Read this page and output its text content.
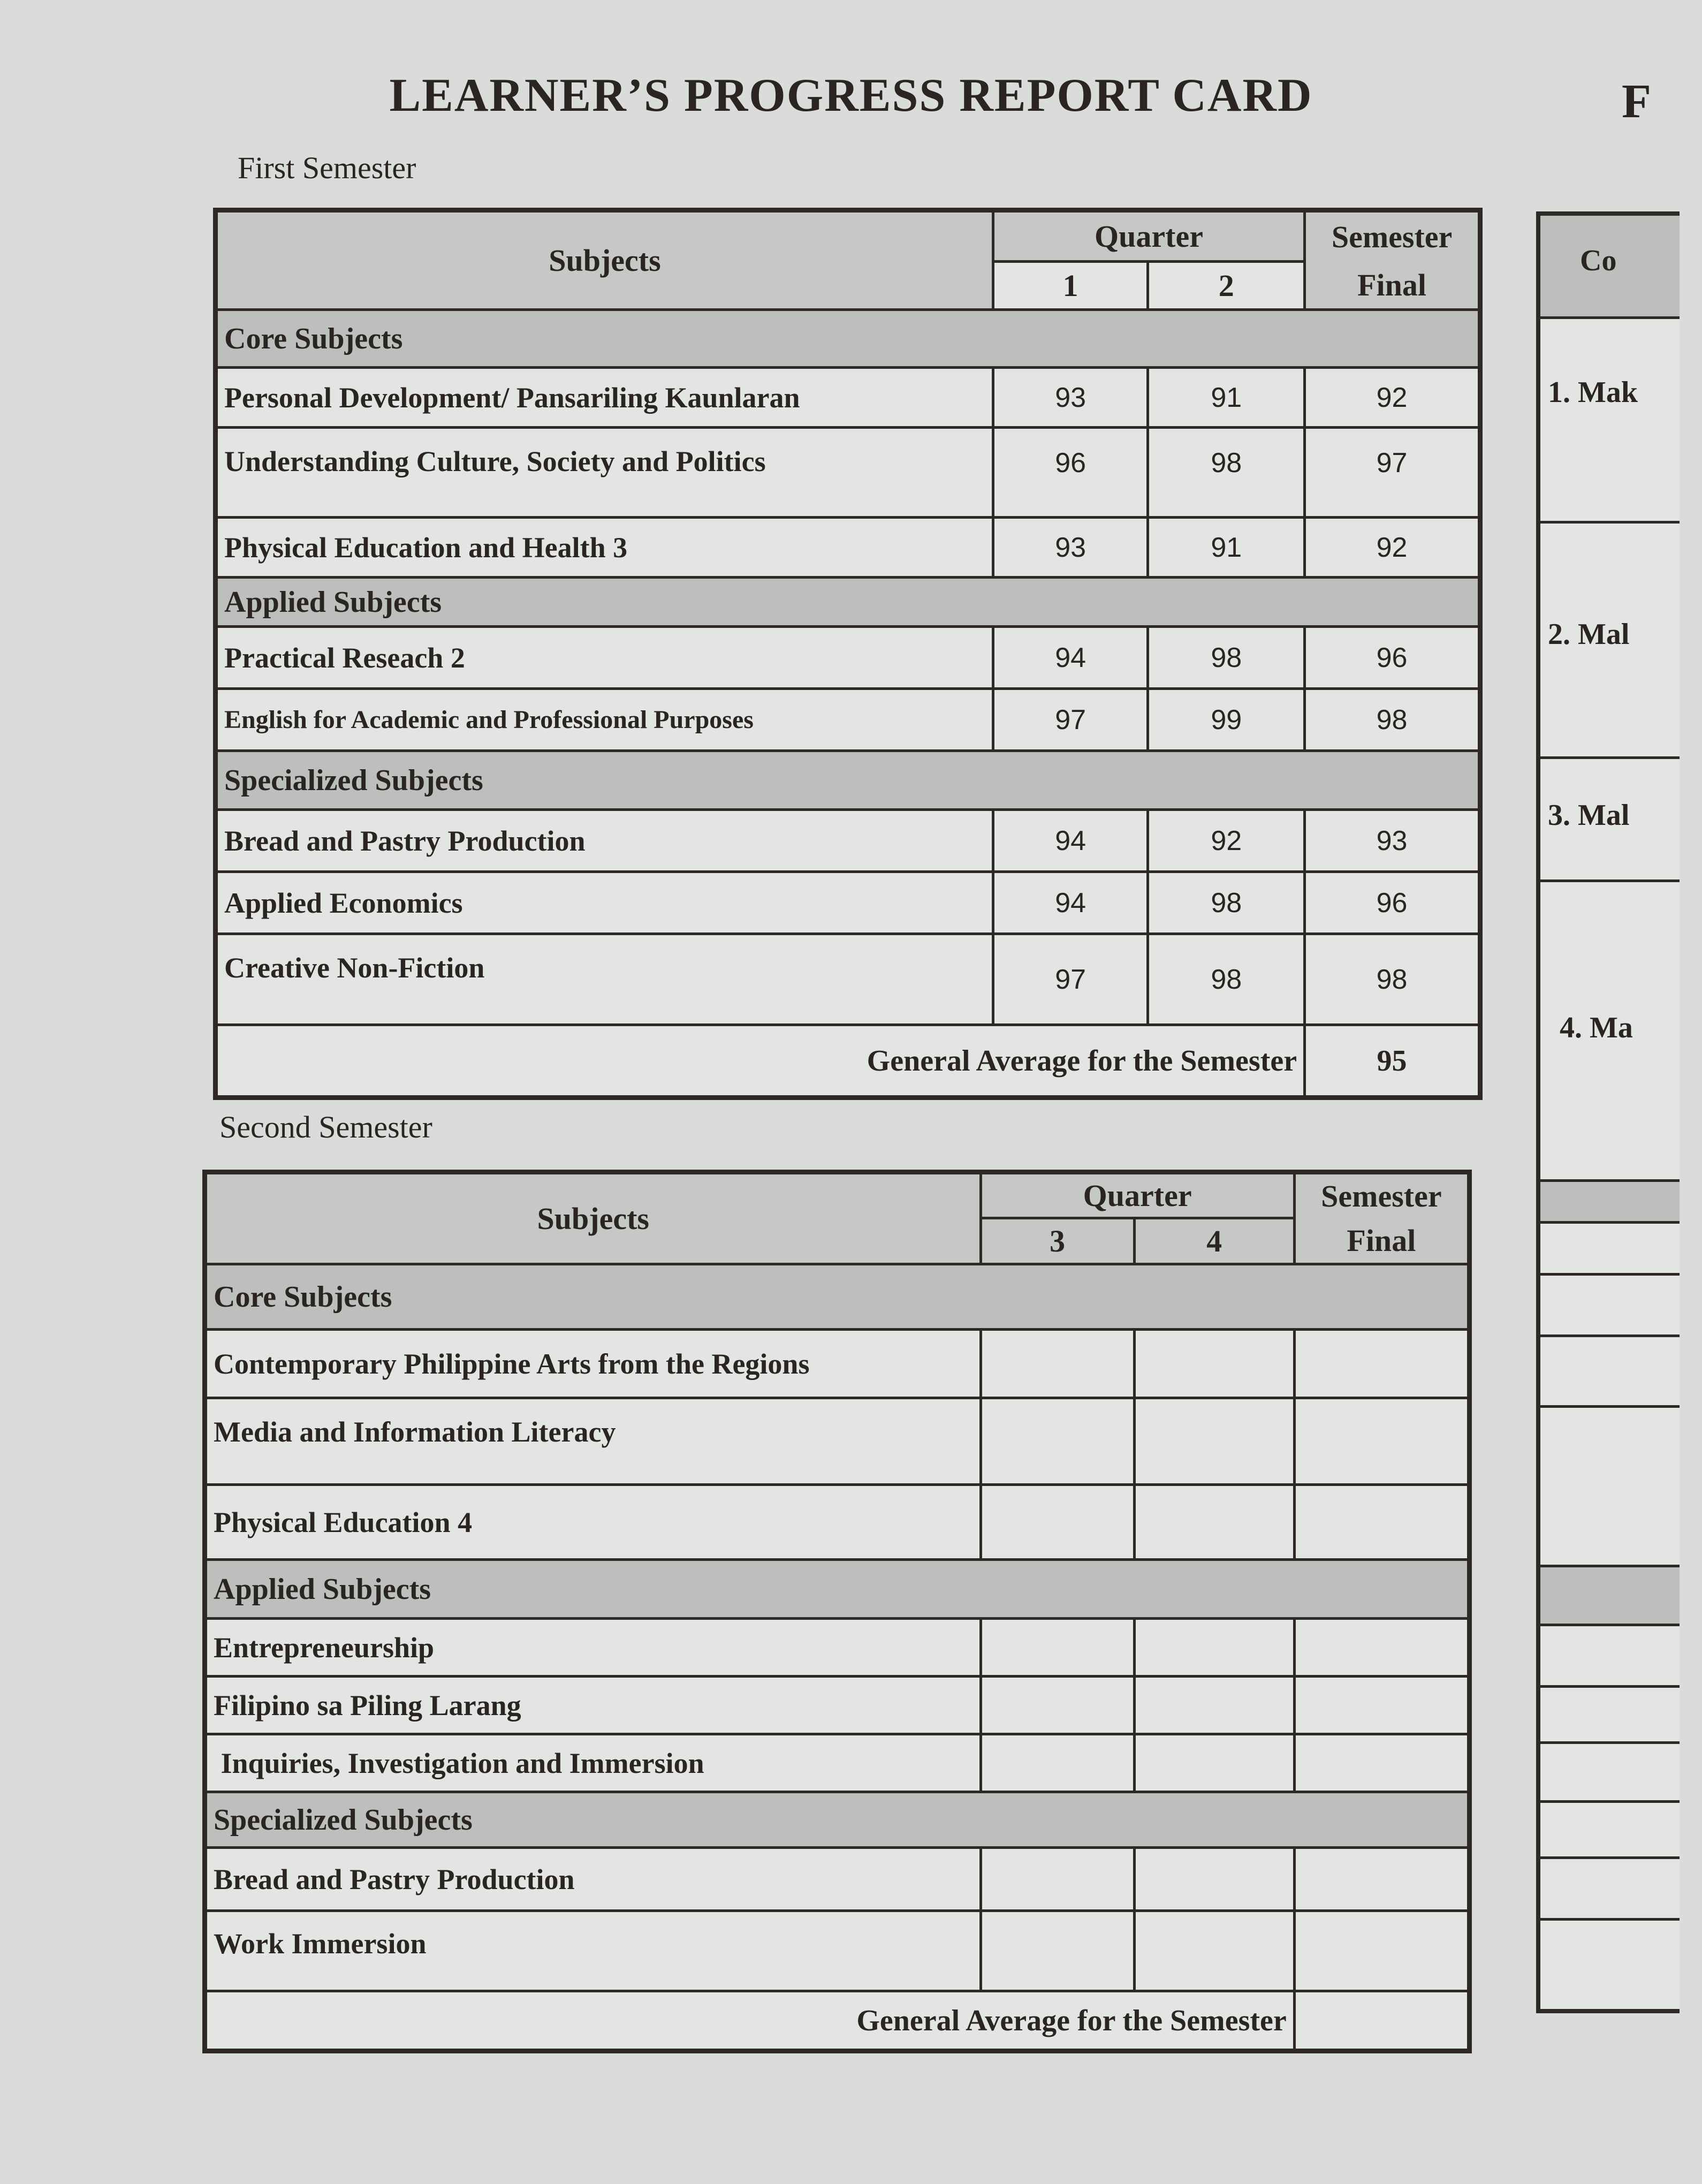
LEARNER’S PROGRESS REPORT CARD	F
First Semester
Subjects	Quarter		Semester
	1	2	Final
Core Subjects			
Personal Development/ Pansariling Kaunlaran	93	91	92
Understanding Culture, Society and Politics	96	98	97
Physical Education and Health 3	93	91	92
Applied Subjects			
Practical Reseach 2	94	98	96
English for Academic and Professional Purposes	97	99	98
Specialized Subjects			
Bread and Pastry Production	94	92	93
Applied Economics	94	98	96
Creative Non-Fiction	97	98	98
General Average for the Semester			95
Second Semester
Subjects	Quarter		Semester
	3	4	Final
Core Subjects			
Contemporary Philippine Arts from the Regions			
Media and Information Literacy			
Physical Education 4			
Applied Subjects			
Entrepreneurship			
Filipino sa Piling Larang			
Inquiries, Investigation and Immersion			
Specialized Subjects			
Bread and Pastry Production			
Work Immersion			
General Average for the Semester			
Co
1. Mak
2. Mal
3. Mal
4. Ma
